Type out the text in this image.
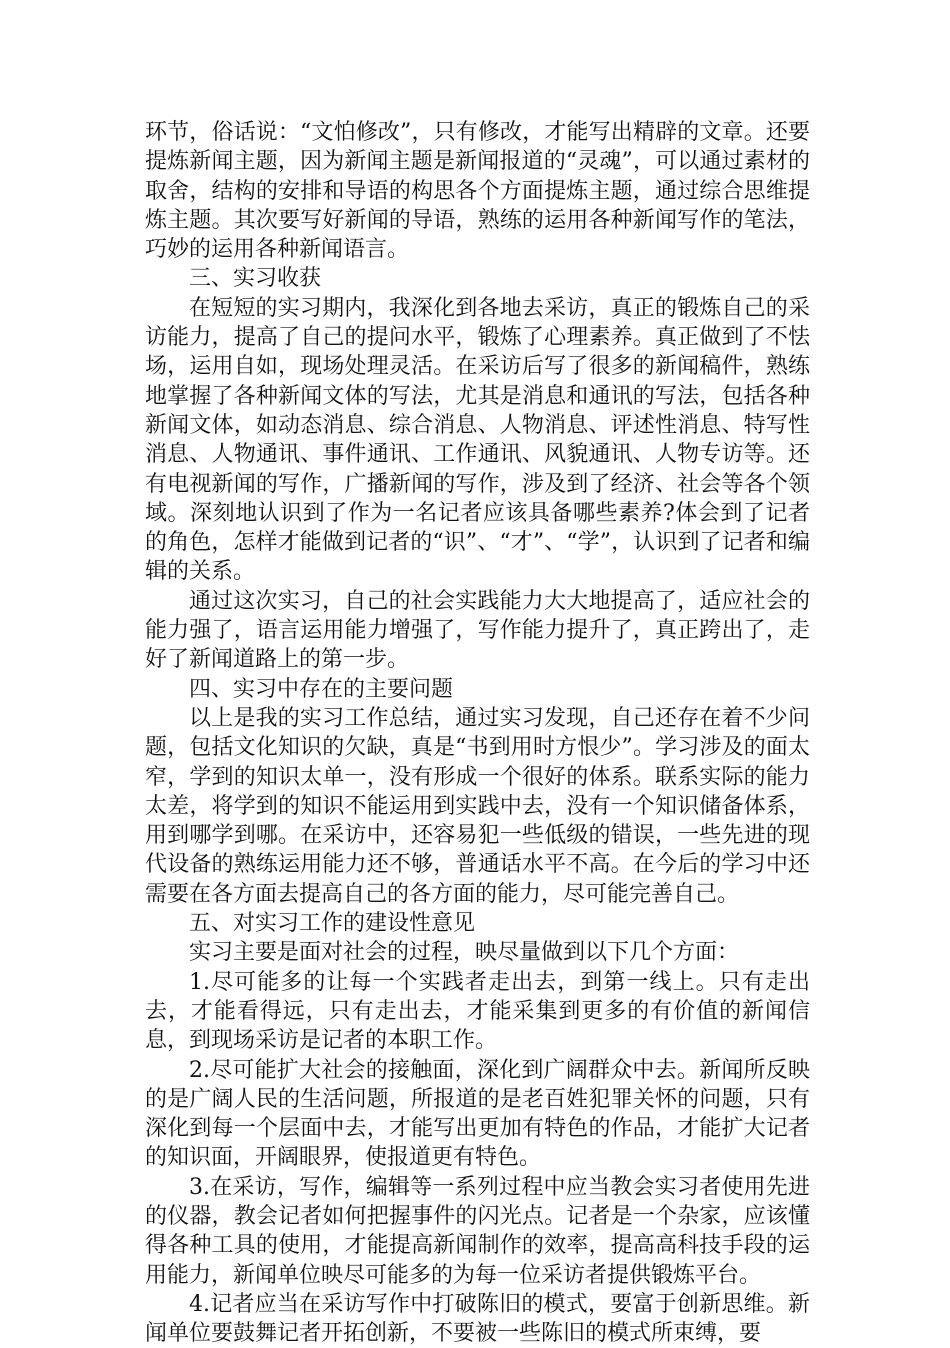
环节，俗话说：“文怕修改”，只有修改，才能写出精辟的文章。还要提炼新闻主题，因为新闻主题是新闻报道的“灵魂”，可以通过素材的取舍，结构的安排和导语的构思各个方面提炼主题，通过综合思维提炼主题。其次要写好新闻的导语，熟练的运用各种新闻写作的笔法，巧妙的运用各种新闻语言。

三、实习收获

在短短的实习期内，我深化到各地去采访，真正的锻炼自己的采访能力，提高了自己的提问水平，锻炼了心理素养。真正做到了不怯场，运用自如，现场处理灵活。在采访后写了很多的新闻稿件，熟练地掌握了各种新闻文体的写法，尤其是消息和通讯的写法，包括各种新闻文体，如动态消息、综合消息、人物消息、评述性消息、特写性消息、人物通讯、事件通讯、工作通讯、风貌通讯、人物专访等。还有电视新闻的写作，广播新闻的写作，涉及到了经济、社会等各个领域。深刻地认识到了作为一名记者应该具备哪些素养?体会到了记者的角色，怎样才能做到记者的“识”、“才”、“学”，认识到了记者和编辑的关系。

通过这次实习，自己的社会实践能力大大地提高了，适应社会的能力强了，语言运用能力增强了，写作能力提升了，真正跨出了，走好了新闻道路上的第一步。

四、实习中存在的主要问题

以上是我的实习工作总结，通过实习发现，自己还存在着不少问题，包括文化知识的欠缺，真是“书到用时方恨少”。学习涉及的面太窄，学到的知识太单一，没有形成一个很好的体系。联系实际的能力太差，将学到的知识不能运用到实践中去，没有一个知识储备体系，用到哪学到哪。在采访中，还容易犯一些低级的错误，一些先进的现代设备的熟练运用能力还不够，普通话水平不高。在今后的学习中还需要在各方面去提高自己的各方面的能力，尽可能完善自己。

五、对实习工作的建设性意见

实习主要是面对社会的过程，映尽量做到以下几个方面：

1.尽可能多的让每一个实践者走出去，到第一线上。只有走出去，才能看得远，只有走出去，才能采集到更多的有价值的新闻信息，到现场采访是记者的本职工作。

2.尽可能扩大社会的接触面，深化到广阔群众中去。新闻所反映的是广阔人民的生活问题，所报道的是老百姓犯罪关怀的问题，只有深化到每一个层面中去，才能写出更加有特色的作品，才能扩大记者的知识面，开阔眼界，使报道更有特色。

3.在采访，写作，编辑等一系列过程中应当教会实习者使用先进的仪器，教会记者如何把握事件的闪光点。记者是一个杂家，应该懂得各种工具的使用，才能提高新闻制作的效率，提高高科技手段的运用能力，新闻单位映尽可能多的为每一位采访者提供锻炼平台。

4.记者应当在采访写作中打破陈旧的模式，要富于创新思维。新闻单位要鼓舞记者开拓创新，不要被一些陈旧的模式所束缚，要
